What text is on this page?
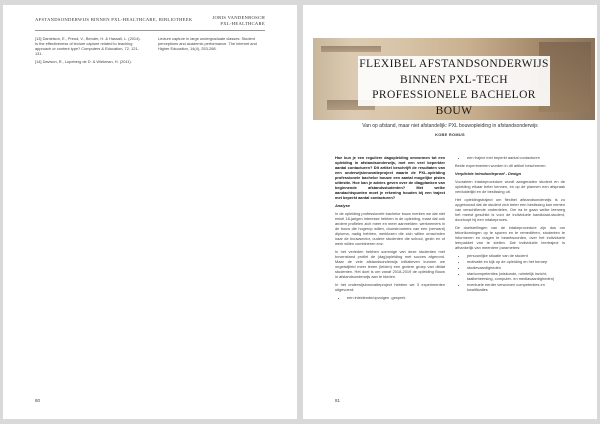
AFSTANDSONDERWIJS BINNEN PXL-HEALTHCARE, BIBLIOTHEEK	JORIS VANDENBOSCH
PXL-HEALTHCARE

[13] Danielson, E., Preud, V., Bender, H. & Hassall, L. (2014). Is the effectiveness of lecture capture related to teaching approach or content type? Computers & Education, 72, 121-131.

[14] Davison, R., Lupeberg de D. & Wiekman, H. (2011).

Lecture capture in large undergraduate classes: Student perceptions and academic performance. The internet and Higher Education, 14(4), 253-268.

80
FLEXIBEL AFSTANDSONDERWIJS
BINNEN PXL-TECH
PROFESSIONELE BACHELOR BOUW
Van op afstand, maar niet afstandelijk: PXL bouwopleiding in afstandsonderwijs
KOBE ROMUS

Hoe kun je een reguliere dagopleiding omvormen tot een opleiding in afstandsonderwijs, met een veel beperkter aantal contacturen? Dit artikel beschrijft de resultaten van een onderwijsinnovatieproject waarin de PXL-opleiding professionele bachelor bouwe een aantal mogelijke pistes uittestte. Hoe kan je advies geven over de diagplanken van beginnende afstandsstudenten? Met welke aandachtspunten moet je rekening houden bij een traject met beperkt aantal contacturen?

Analyse

In de opleiding professionele bachelor bouw merken we dat niet enkel 18-jarigen interesse hebben in de opleiding, maar dat ook andere profielen zich meer en meer aanmelden: werknemers in de bouw die hogerop willen, doorstroomers van een (verwant) diploma, nadig hebben, werklozen die zich willen omscholen naar de bouwsector, oudere studenten die school, gezin en of werk willen combineren enz.

In het verleden hebben sommige van deze studenten met bovenstand profiel de (dag)opleiding met succes afgerond. Maar de vele afstandsonderwijs initiatieven kunnen we ongetwijfeld meer lenen (leiden) een grotere groep van ditdat studenten. Het doel is om vanaf 2018-2019 de opleiding Bouw in afstandsonderwijs aan te bieden.

In het onderwijsinnovatieproject hebben we 3 experimenten uitgevoerd:

• een inleidende/opvolgen -gesprek
• een traject met beperkt aantal contacturen

Beide experimenten worden in dit artikel beschreven.

Verplichte introductieproef - Design

Vooraleen intakeprocedure wordt aangeraden student en de opleiding elkaar beter kennen, en op de plannen een afspraak verduidelijkt en de beslissing uit.

Het opleidingstraject om flexibel afstandsonderwijs is zo opgebouwd dat de student zich beter een beslissing kan nemen van verschillende onderdelen. Om na te gaan welke leerweg het meest geschikt is voor de individuele kandidaat-student, doorloopt hij een intakeproces.

De doelstellingen van de intakeprocedure zijn dus om tekortkomingen op te sporen en te remediëren, studenten te informeren en vragen te beantwoorden, over het individuele leerpakket van te stellen. Dat individuele leertraject is afhankelijk van meerdere parameters:

• persoonlijke situatie van de student
• motivatie en kijk op de opleiding en het beroep
• studievaardigheden
• startcompetenties (wiskunde, ruimtelijk inzicht, taalbeheersing, computer- en mediavaardigheden)
• eventuele eerder verworven competenties en kwalificaties
81
